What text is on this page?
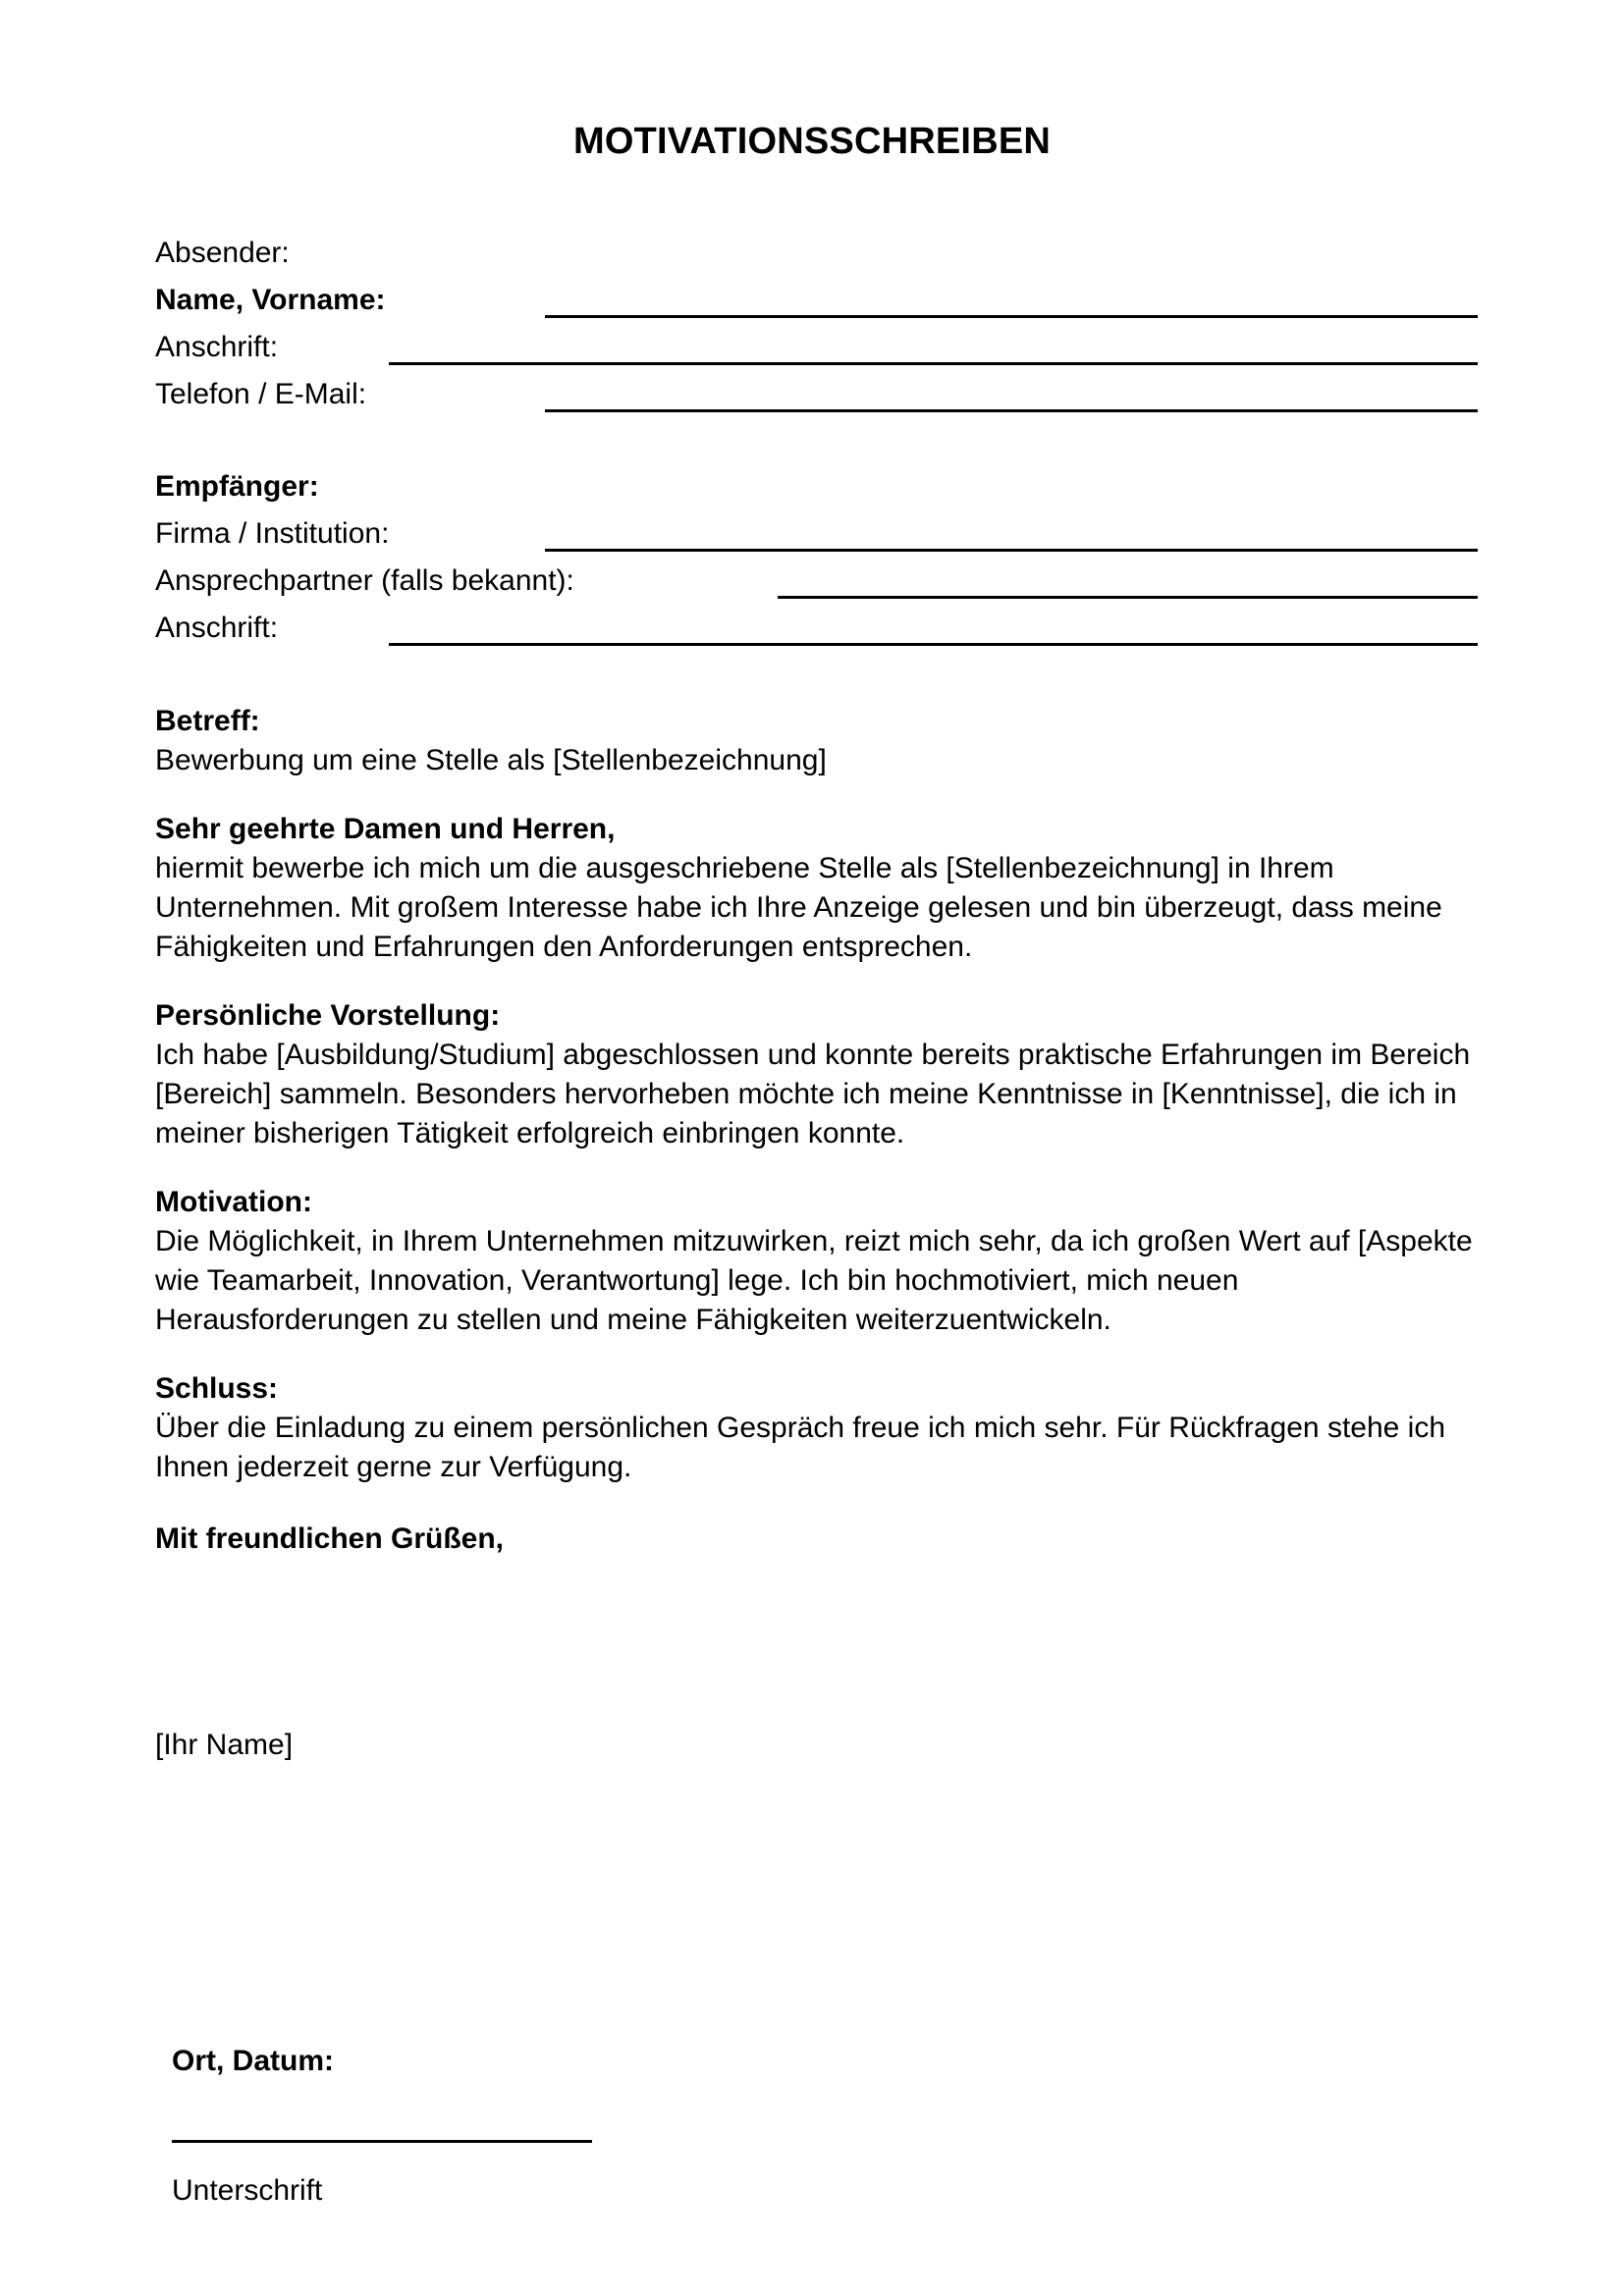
MOTIVATIONSSCHREIBEN
Absender:
Name, Vorname:
Anschrift:
Telefon / E-Mail:
Empfänger:
Firma / Institution:
Ansprechpartner (falls bekannt):
Anschrift:
Betreff:
Bewerbung um eine Stelle als [Stellenbezeichnung]
Sehr geehrte Damen und Herren,
hiermit bewerbe ich mich um die ausgeschriebene Stelle als [Stellenbezeichnung] in Ihrem Unternehmen. Mit großem Interesse habe ich Ihre Anzeige gelesen und bin überzeugt, dass meine Fähigkeiten und Erfahrungen den Anforderungen entsprechen.
Persönliche Vorstellung:
Ich habe [Ausbildung/Studium] abgeschlossen und konnte bereits praktische Erfahrungen im Bereich [Bereich] sammeln. Besonders hervorheben möchte ich meine Kenntnisse in [Kenntnisse], die ich in meiner bisherigen Tätigkeit erfolgreich einbringen konnte.
Motivation:
Die Möglichkeit, in Ihrem Unternehmen mitzuwirken, reizt mich sehr, da ich großen Wert auf [Aspekte wie Teamarbeit, Innovation, Verantwortung] lege. Ich bin hochmotiviert, mich neuen Herausforderungen zu stellen und meine Fähigkeiten weiterzuentwickeln.
Schluss:
Über die Einladung zu einem persönlichen Gespräch freue ich mich sehr. Für Rückfragen stehe ich Ihnen jederzeit gerne zur Verfügung.
Mit freundlichen Grüßen,
[Ihr Name]
Ort, Datum:
Unterschrift
